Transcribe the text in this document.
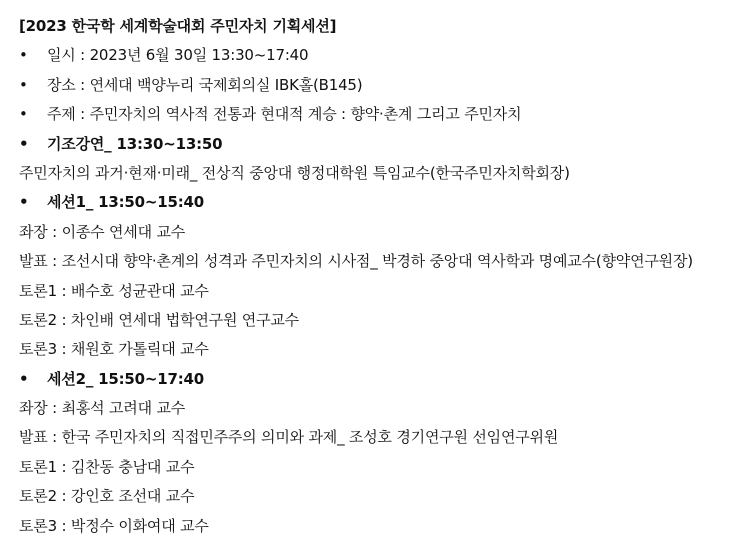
[2023 한국학 세계학술대회 주민자치 기획세션]
• 일시 : 2023년 6월 30일 13:30~17:40
• 장소 : 연세대 백양누리 국제회의실 IBK홀(B145)
• 주제 : 주민자치의 역사적 전통과 현대적 계승 : 향약·촌계 그리고 주민자치
• 기조강연_ 13:30~13:50
주민자치의 과거·현재·미래_ 전상직 중앙대 행정대학원 특임교수(한국주민자치학회장)
• 세션1_ 13:50~15:40
좌장 : 이종수 연세대 교수
발표 : 조선시대 향약·촌계의 성격과 주민자치의 시사점_ 박경하 중앙대 역사학과 명예교수(향약연구원장)
토론1 : 배수호 성균관대 교수
토론2 : 차인배 연세대 법학연구원 연구교수
토론3 : 채원호 가톨릭대 교수
• 세션2_ 15:50~17:40
좌장 : 최홍석 고려대 교수
발표 : 한국 주민자치의 직접민주주의 의미와 과제_ 조성호 경기연구원 선임연구위원
토론1 : 김찬동 충남대 교수
토론2 : 강인호 조선대 교수
토론3 : 박정수 이화여대 교수
